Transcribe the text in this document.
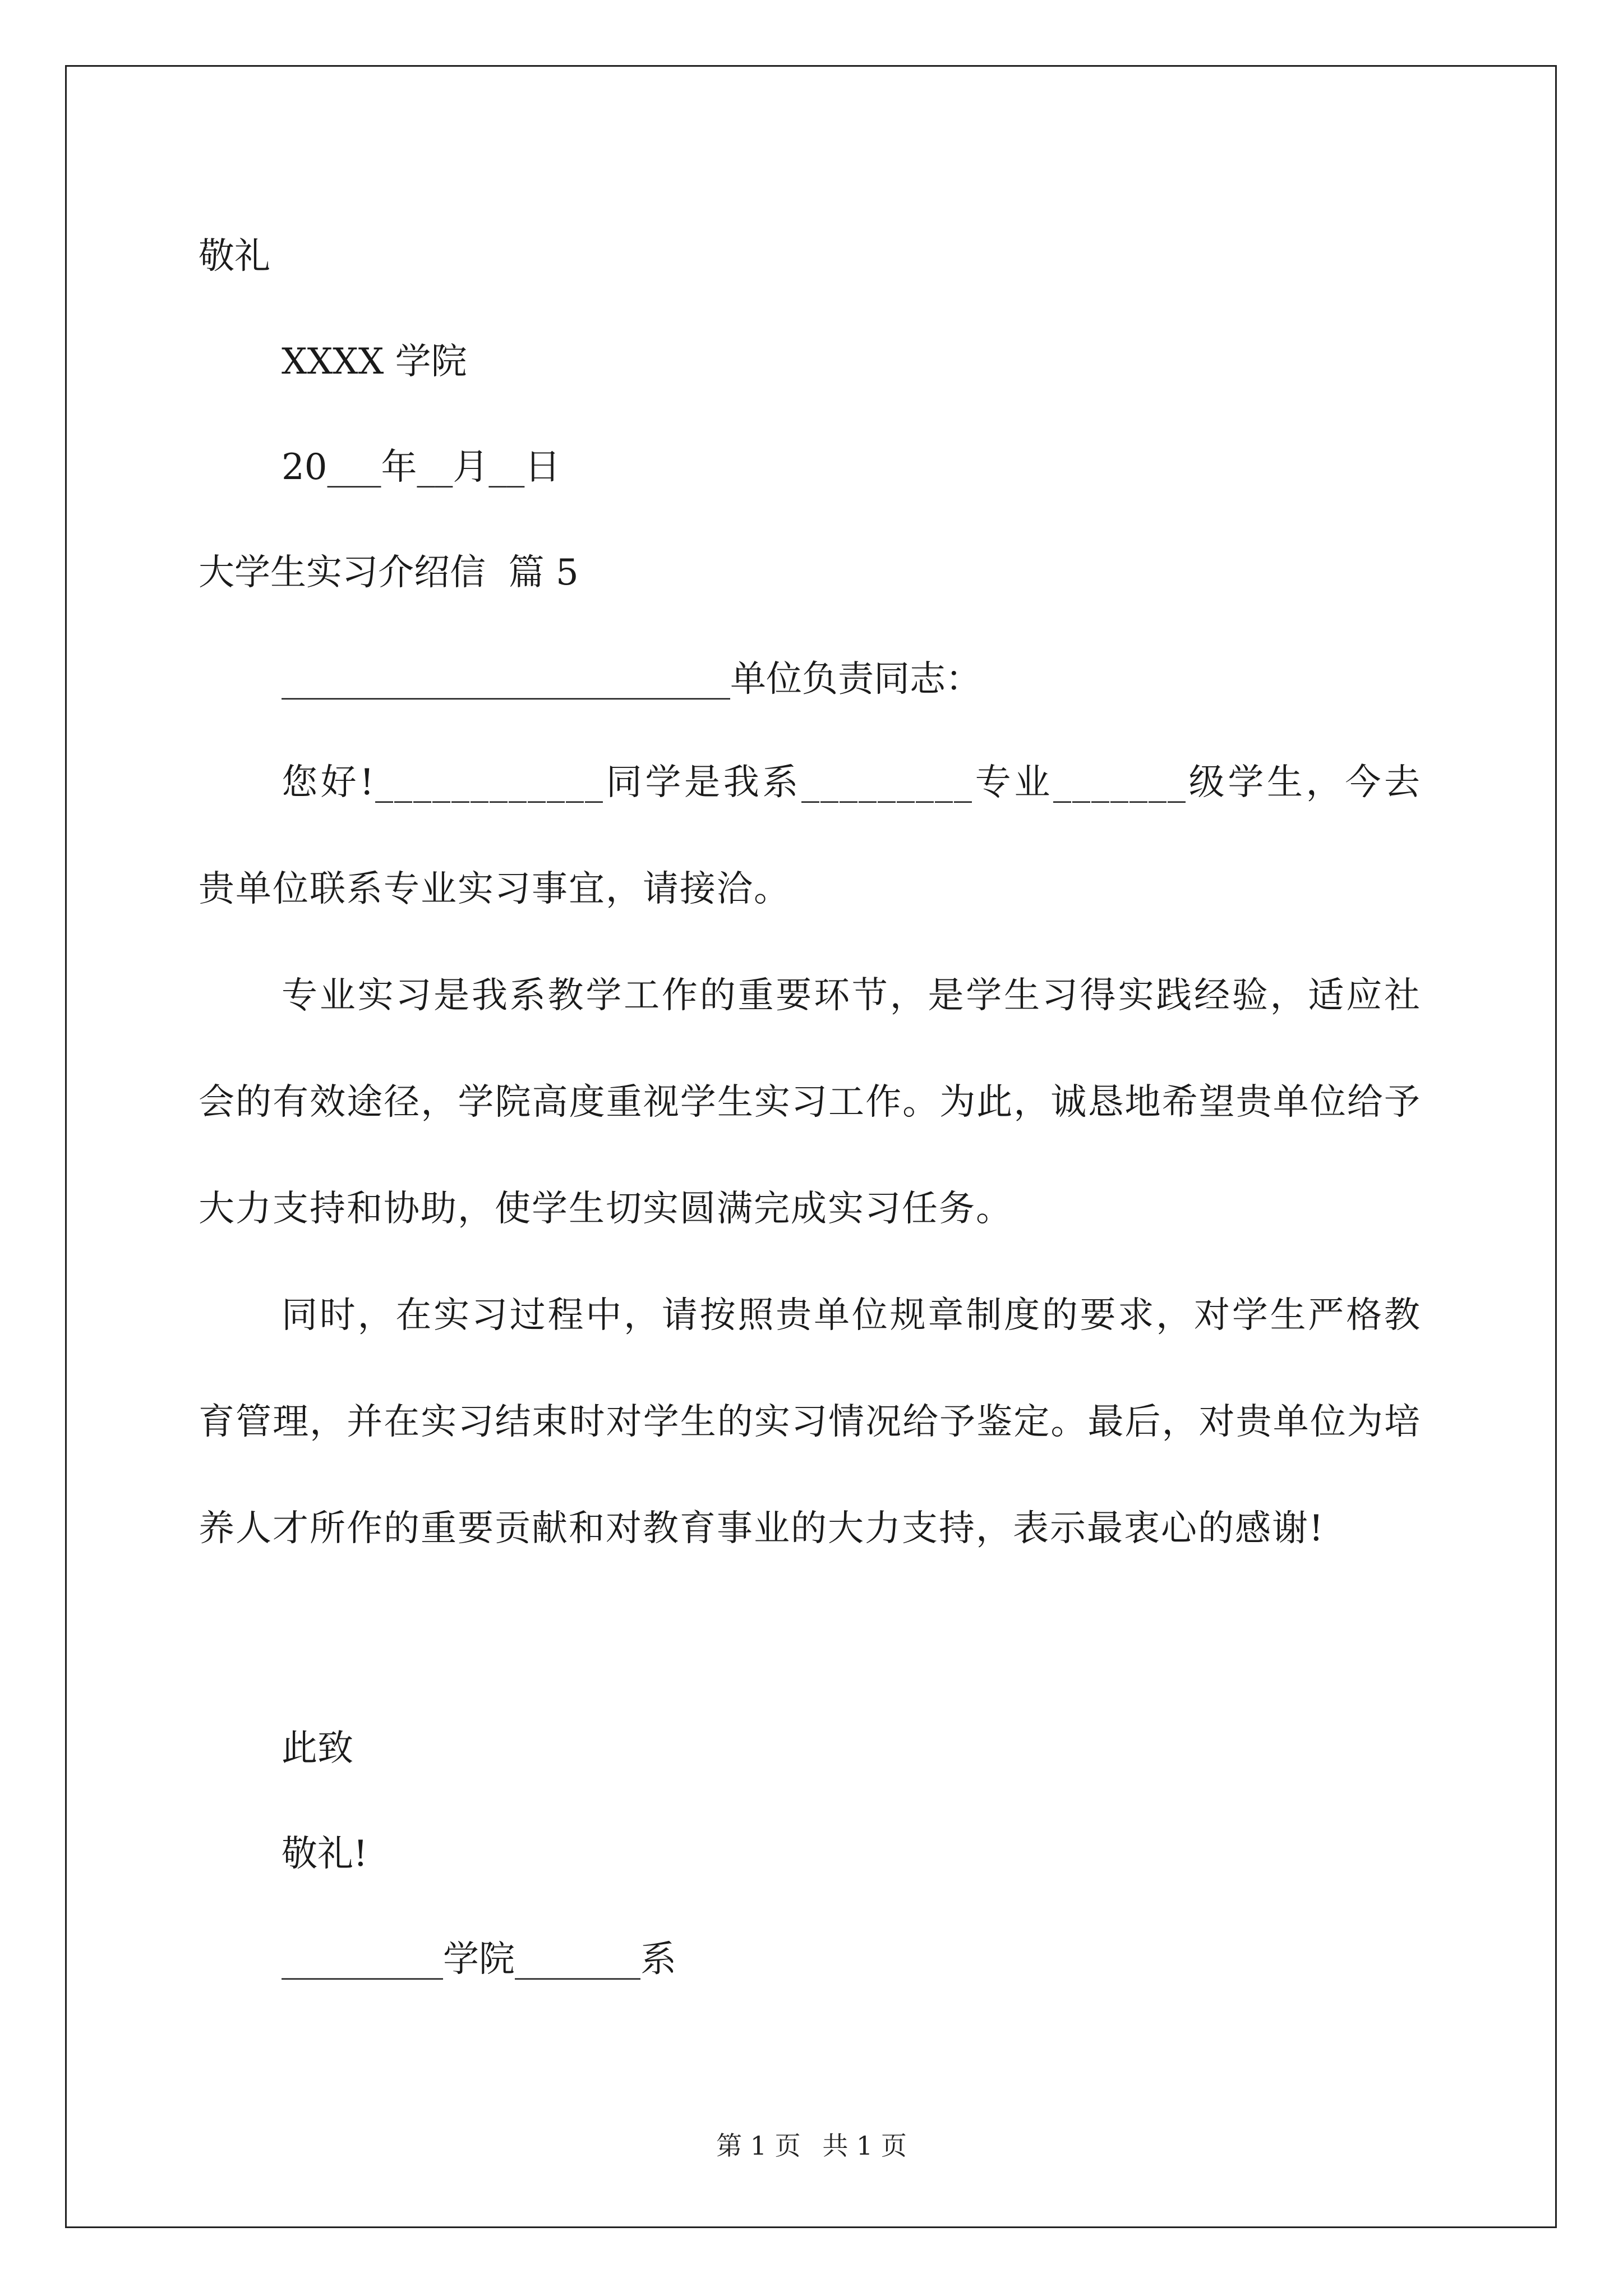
敬礼
XXXX 学院
20___年__月__日
大学生实习介绍信  篇 5
_________________________单位负责同志：
您好!____________同学是我系_________专业_______级学生，今去贵单位联系专业实习事宜，请接洽。
专业实习是我系教学工作的重要环节，是学生习得实践经验，适应社会的有效途径，学院高度重视学生实习工作。为此，诚恳地希望贵单位给予大力支持和协助，使学生切实圆满完成实习任务。
同时，在实习过程中，请按照贵单位规章制度的要求，对学生严格教育管理，并在实习结束时对学生的实习情况给予鉴定。最后，对贵单位为培养人才所作的重要贡献和对教育事业的大力支持，表示最衷心的感谢!
此致
敬礼!
_________学院_______系
第 1 页 共 1 页
